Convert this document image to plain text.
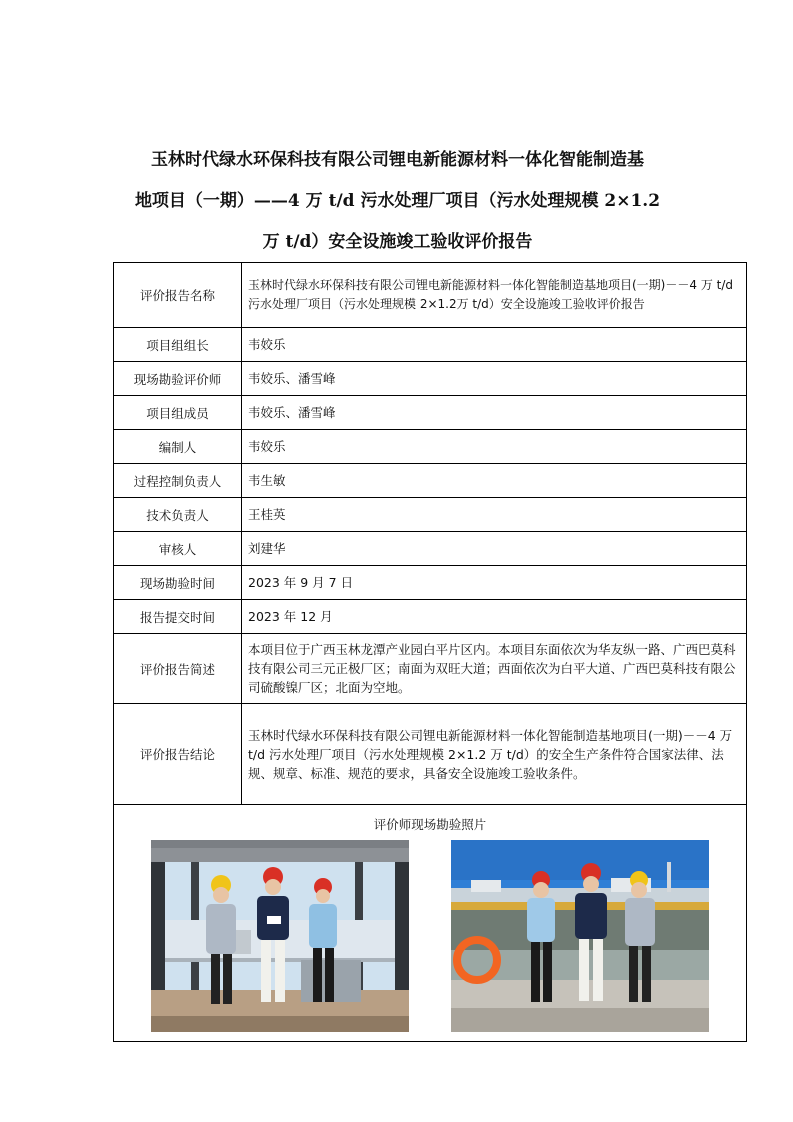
玉林时代绿水环保科技有限公司锂电新能源材料一体化智能制造基
地项目（一期）——4 万 t/d 污水处理厂项目（污水处理规模 2×1.2
万 t/d）安全设施竣工验收评价报告
评价报告名称	玉林时代绿水环保科技有限公司锂电新能源材料一体化智能制造基地项目(一期)－－4 万 t/d 污水处理厂项目（污水处理规模 2×1.2万 t/d）安全设施竣工验收评价报告
项目组组长	韦姣乐
现场勘验评价师	韦姣乐、潘雪峰
项目组成员	韦姣乐、潘雪峰
编制人	韦姣乐
过程控制负责人	韦生敏
技术负责人	王桂英
审核人	刘建华
现场勘验时间	2023 年 9 月 7 日
报告提交时间	2023 年 12 月
评价报告简述	本项目位于广西玉林龙潭产业园白平片区内。本项目东面依次为华友纵一路、广西巴莫科技有限公司三元正极厂区；南面为双旺大道；西面依次为白平大道、广西巴莫科技有限公司硫酸镍厂区；北面为空地。
评价报告结论	玉林时代绿水环保科技有限公司锂电新能源材料一体化智能制造基地项目(一期)－－4 万 t/d 污水处理厂项目（污水处理规模 2×1.2 万 t/d）的安全生产条件符合国家法律、法规、规章、标准、规范的要求，具备安全设施竣工验收条件。

评价师现场勘验照片	
